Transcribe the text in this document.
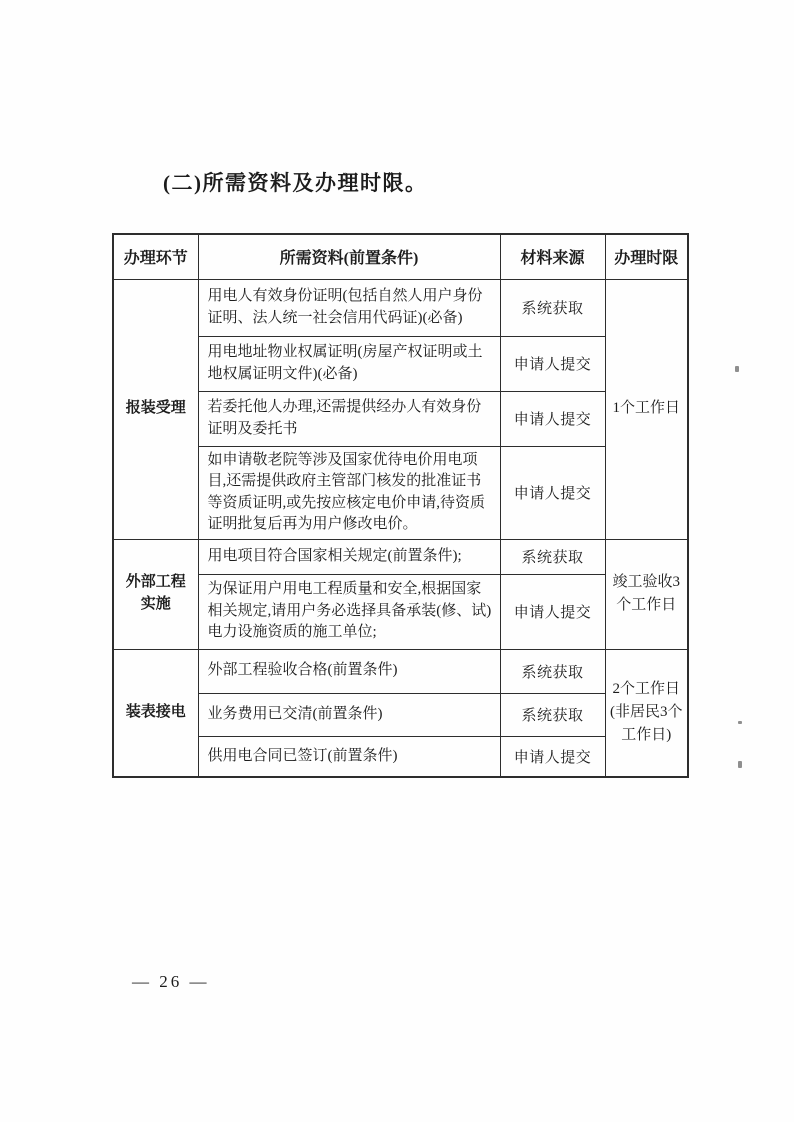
(二)所需资料及办理时限。
办理环节	所需资料(前置条件)	材料来源	办理时限
报装受理	用电人有效身份证明(包括自然人用户身份证明、法人统一社会信用代码证)(必备)	系统获取	1个工作日
	用电地址物业权属证明(房屋产权证明或土地权属证明文件)(必备)	申请人提交	
	若委托他人办理,还需提供经办人有效身份证明及委托书	申请人提交	
	如申请敬老院等涉及国家优待电价用电项目,还需提供政府主管部门核发的批准证书等资质证明,或先按应核定电价申请,待资质证明批复后再为用户修改电价。	申请人提交	
外部工程实施	用电项目符合国家相关规定(前置条件);	系统获取	竣工验收3个工作日
	为保证用户用电工程质量和安全,根据国家相关规定,请用户务必选择具备承装(修、试)电力设施资质的施工单位;	申请人提交	
装表接电	外部工程验收合格(前置条件)	系统获取	2个工作日(非居民3个工作日)
	业务费用已交清(前置条件)	系统获取	
	供用电合同已签订(前置条件)	申请人提交	
— 26 —
